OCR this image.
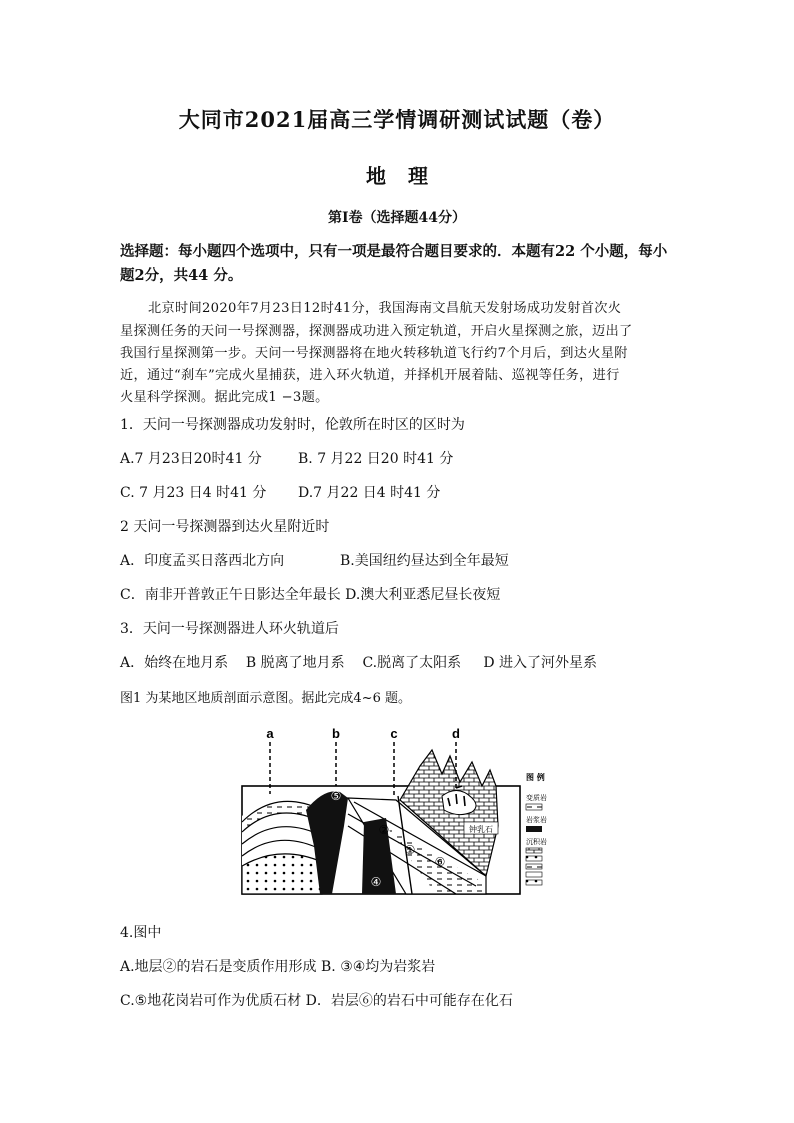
大同市2021届高三学情调研测试试题（卷）
地理
第Ⅰ卷（选择题44分）
选择题：每小题四个选项中，只有一项是最符合题目要求的．本题有22 个小题，每小
题2分，共44 分。
北京时间2020年7月23日12时41分，我国海南文昌航天发射场成功发射首次火
星探测任务的天问一号探测器，探测器成功进入预定轨道，开启火星探测之旅，迈出了
我国行星探测第一步。天问一号探测器将在地火转移轨道飞行约7个月后，到达火星附
近，通过“刹车”完成火星捕获，进入环火轨道，并择机开展着陆、巡视等任务，进行
火星科学探测。据此完成1 −3题。
1．天问一号探测器成功发射时，伦敦所在时区的区时为
A.7 月23日20时41 分	B. 7 月22 日20 时41 分
C. 7 月23 日4 时41 分 D.7 月22 日4 时41 分
2 天问一号探测器到达火星附近时
A．印度孟买日落西北方向	B.美国纽约昼达到全年最短
C．南非开普敦正午日影达全年最长 D.澳大利亚悉尼昼长夜短
3．天问一号探测器进人环火轨道后
A．始终在地月系    B 脱离了地月系    C.脱离了太阳系     D 进入了河外星系
图1 为某地区地质剖面示意图。据此完成4~6 题。
a	b	c	d
⑤
②
①
⑥
④
钟乳石
图 例
变质岩
岩浆岩
沉积岩
4.图中
A.地层②的岩石是变质作用形成 B. ③④均为岩浆岩
C.⑤地花岗岩可作为优质石材 D．岩层⑥的岩石中可能存在化石
